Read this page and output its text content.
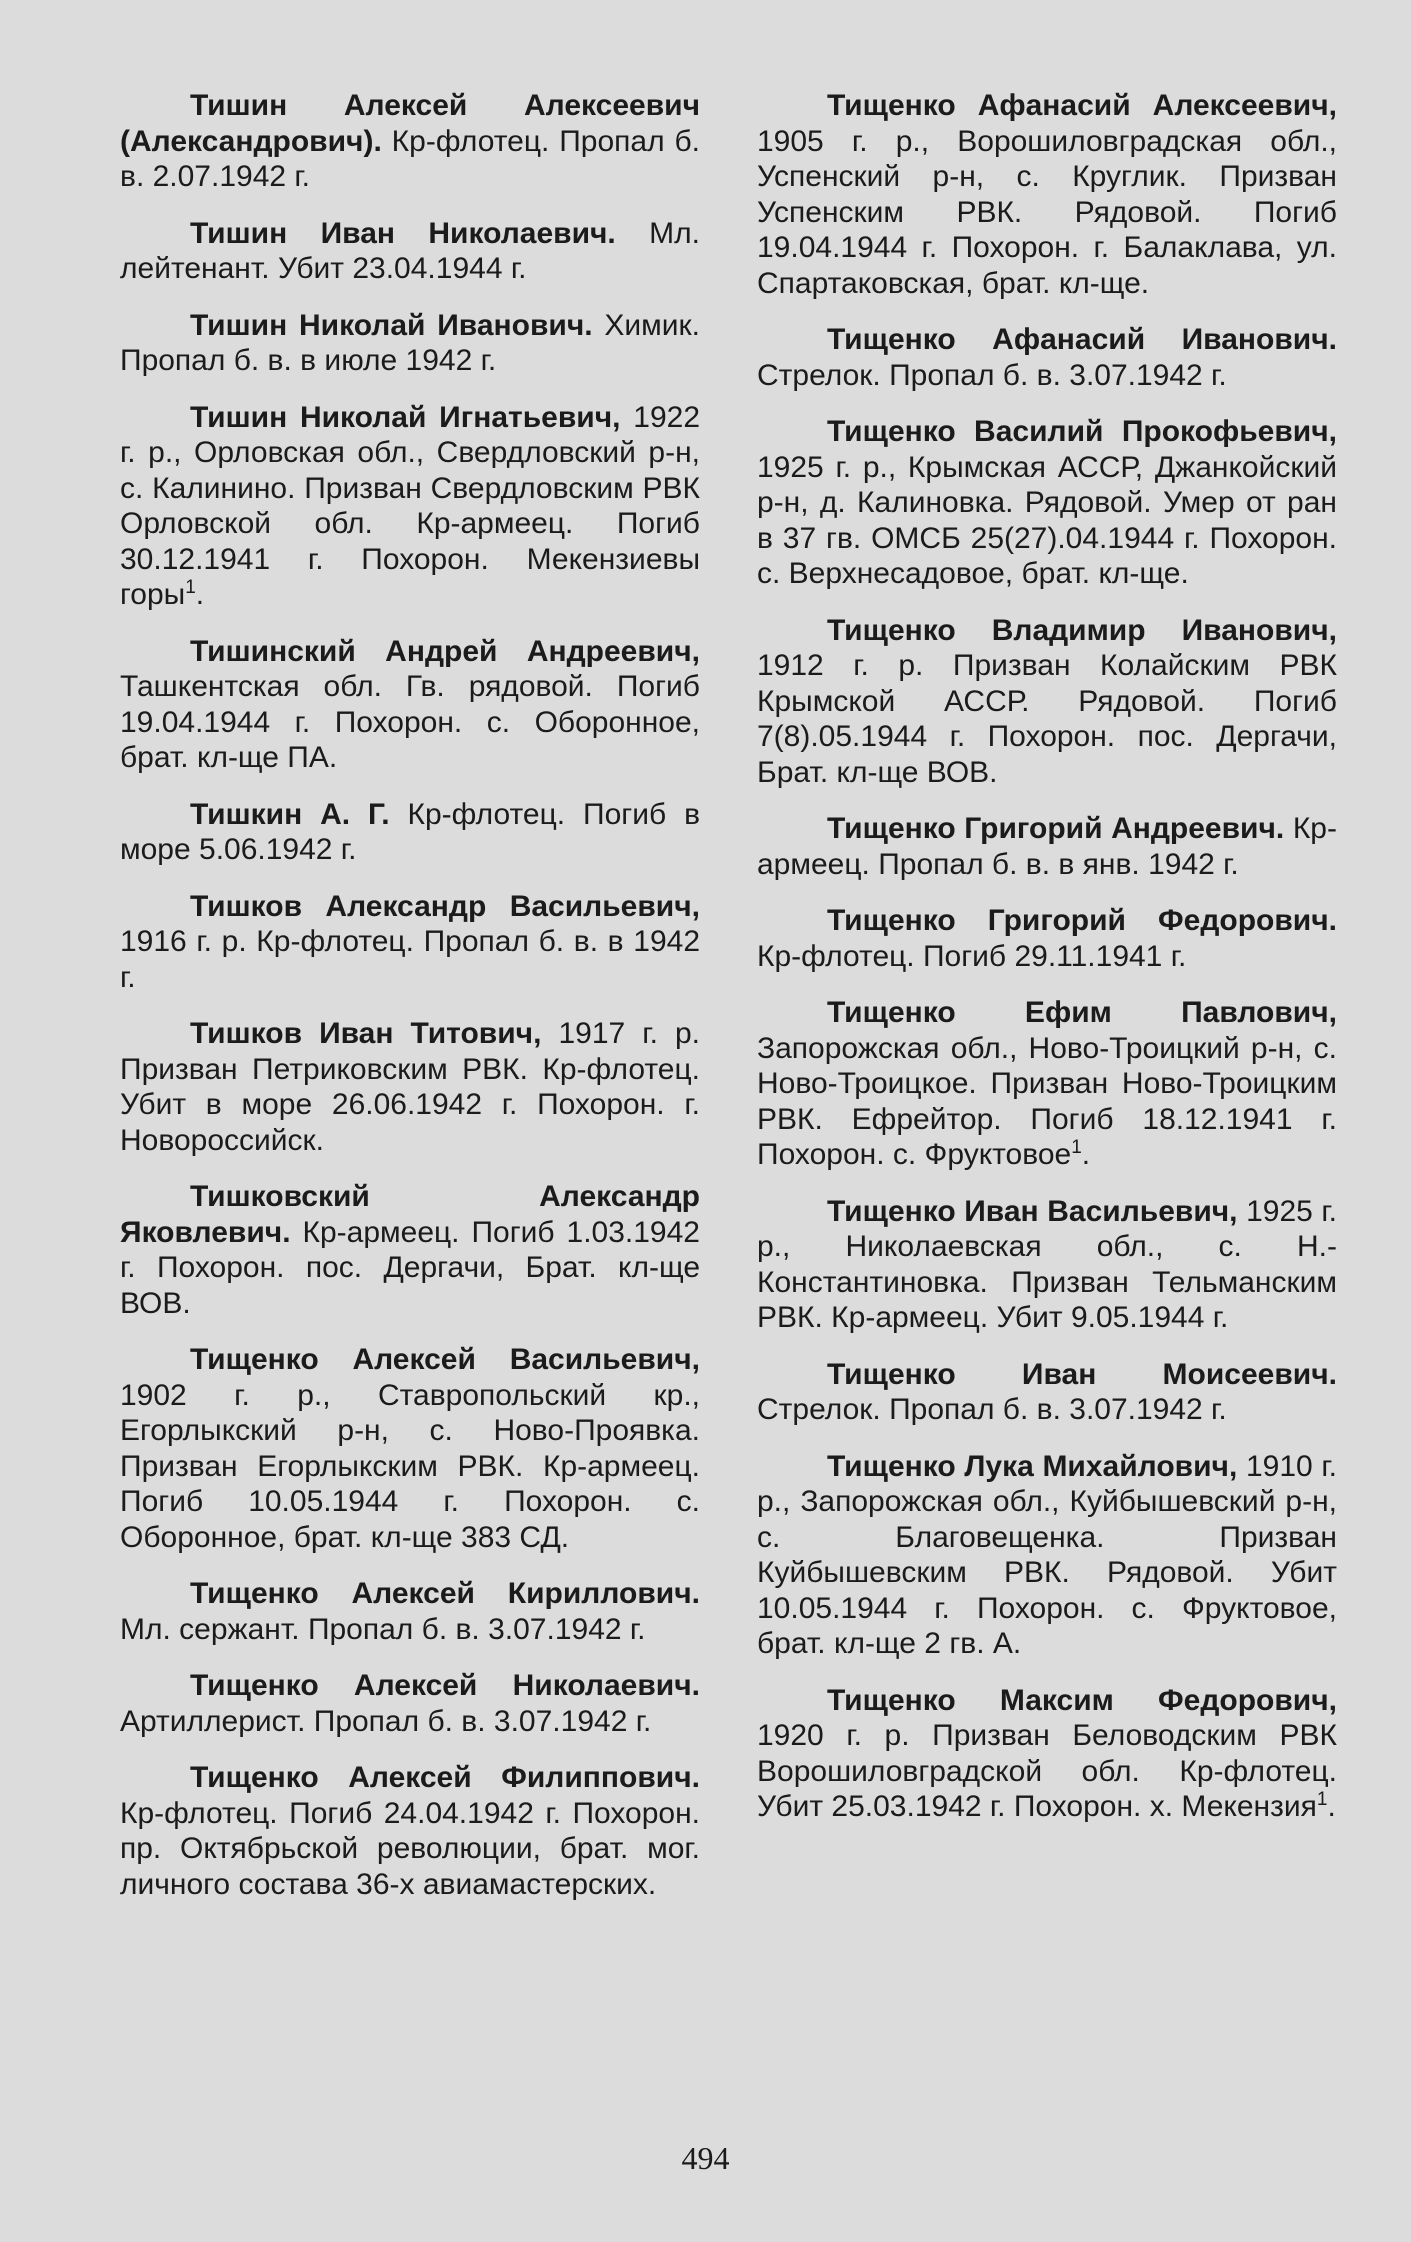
Тишин Алексей Алексеевич (Александрович). Кр-флотец. Пропал б. в. 2.07.1942 г.

Тишин Иван Николаевич. Мл. лейтенант. Убит 23.04.1944 г.

Тишин Николай Иванович. Химик. Пропал б. в. в июле 1942 г.

Тишин Николай Игнатьевич, 1922 г. р., Орловская обл., Свердловский р-н, с. Калинино. Призван Свердловским РВК Орловской обл. Кр-армеец. Погиб 30.12.1941 г. Похорон. Мекензиевы горы$^1$.

Тишинский Андрей Андреевич, Ташкентская обл. Гв. рядовой. Погиб 19.04.1944 г. Похорон. с. Оборонное, брат. кл-ще ПА.

Тишкин А. Г. Кр-флотец. Погиб в море 5.06.1942 г.

Тишков Александр Васильевич, 1916 г. р. Кр-флотец. Пропал б. в. в 1942 г.

Тишков Иван Титович, 1917 г. р. Призван Петриковским РВК. Кр-флотец. Убит в море 26.06.1942 г. Похорон. г. Новороссийск.

Тишковский Александр Яковлевич. Кр-армеец. Погиб 1.03.1942 г. Похорон. пос. Дергачи, Брат. кл-ще ВОВ.

Тищенко Алексей Васильевич, 1902 г. р., Ставропольский кр., Егорлыкский р-н, с. Ново-Проявка. Призван Егорлыкским РВК. Кр-армеец. Погиб 10.05.1944 г. Похорон. с. Оборонное, брат. кл-ще 383 СД.

Тищенко Алексей Кириллович. Мл. сержант. Пропал б. в. 3.07.1942 г.

Тищенко Алексей Николаевич. Артиллерист. Пропал б. в. 3.07.1942 г.

Тищенко Алексей Филиппович. Кр-флотец. Погиб 24.04.1942 г. Похорон. пр. Октябрьской революции, брат. мог. личного состава 36-х авиамастерских.

Тищенко Афанасий Алексеевич, 1905 г. р., Ворошиловградская обл., Успенский р-н, с. Круглик. Призван Успенским РВК. Рядовой. Погиб 19.04.1944 г. Похорон. г. Балаклава, ул. Спартаковская, брат. кл-ще.

Тищенко Афанасий Иванович. Стрелок. Пропал б. в. 3.07.1942 г.

Тищенко Василий Прокофьевич, 1925 г. р., Крымская АССР, Джанкойский р-н, д. Калиновка. Рядовой. Умер от ран в 37 гв. ОМСБ 25(27).04.1944 г. Похорон. с. Верхнесадовое, брат. кл-ще.

Тищенко Владимир Иванович, 1912 г. р. Призван Колайским РВК Крымской АССР. Рядовой. Погиб 7(8).05.1944 г. Похорон. пос. Дергачи, Брат. кл-ще ВОВ.

Тищенко Григорий Андреевич. Кр-армеец. Пропал б. в. в янв. 1942 г.

Тищенко Григорий Федорович. Кр-флотец. Погиб 29.11.1941 г.

Тищенко Ефим Павлович, Запорожская обл., Ново-Троицкий р-н, с. Ново-Троицкое. Призван Ново-Троицким РВК. Ефрейтор. Погиб 18.12.1941 г. Похорон. с. Фруктовое$^1$.

Тищенко Иван Васильевич, 1925 г. р., Николаевская обл., с. Н.-Константиновка. Призван Тельманским РВК. Кр-армеец. Убит 9.05.1944 г.

Тищенко Иван Моисеевич. Стрелок. Пропал б. в. 3.07.1942 г.

Тищенко Лука Михайлович, 1910 г. р., Запорожская обл., Куйбышевский р-н, с. Благовещенка. Призван Куйбышевским РВК. Рядовой. Убит 10.05.1944 г. Похорон. с. Фруктовое, брат. кл-ще 2 гв. А.

Тищенко Максим Федорович, 1920 г. р. Призван Беловодским РВК Ворошиловградской обл. Кр-флотец. Убит 25.03.1942 г. Похорон. х. Мекензия$^1$.

494
